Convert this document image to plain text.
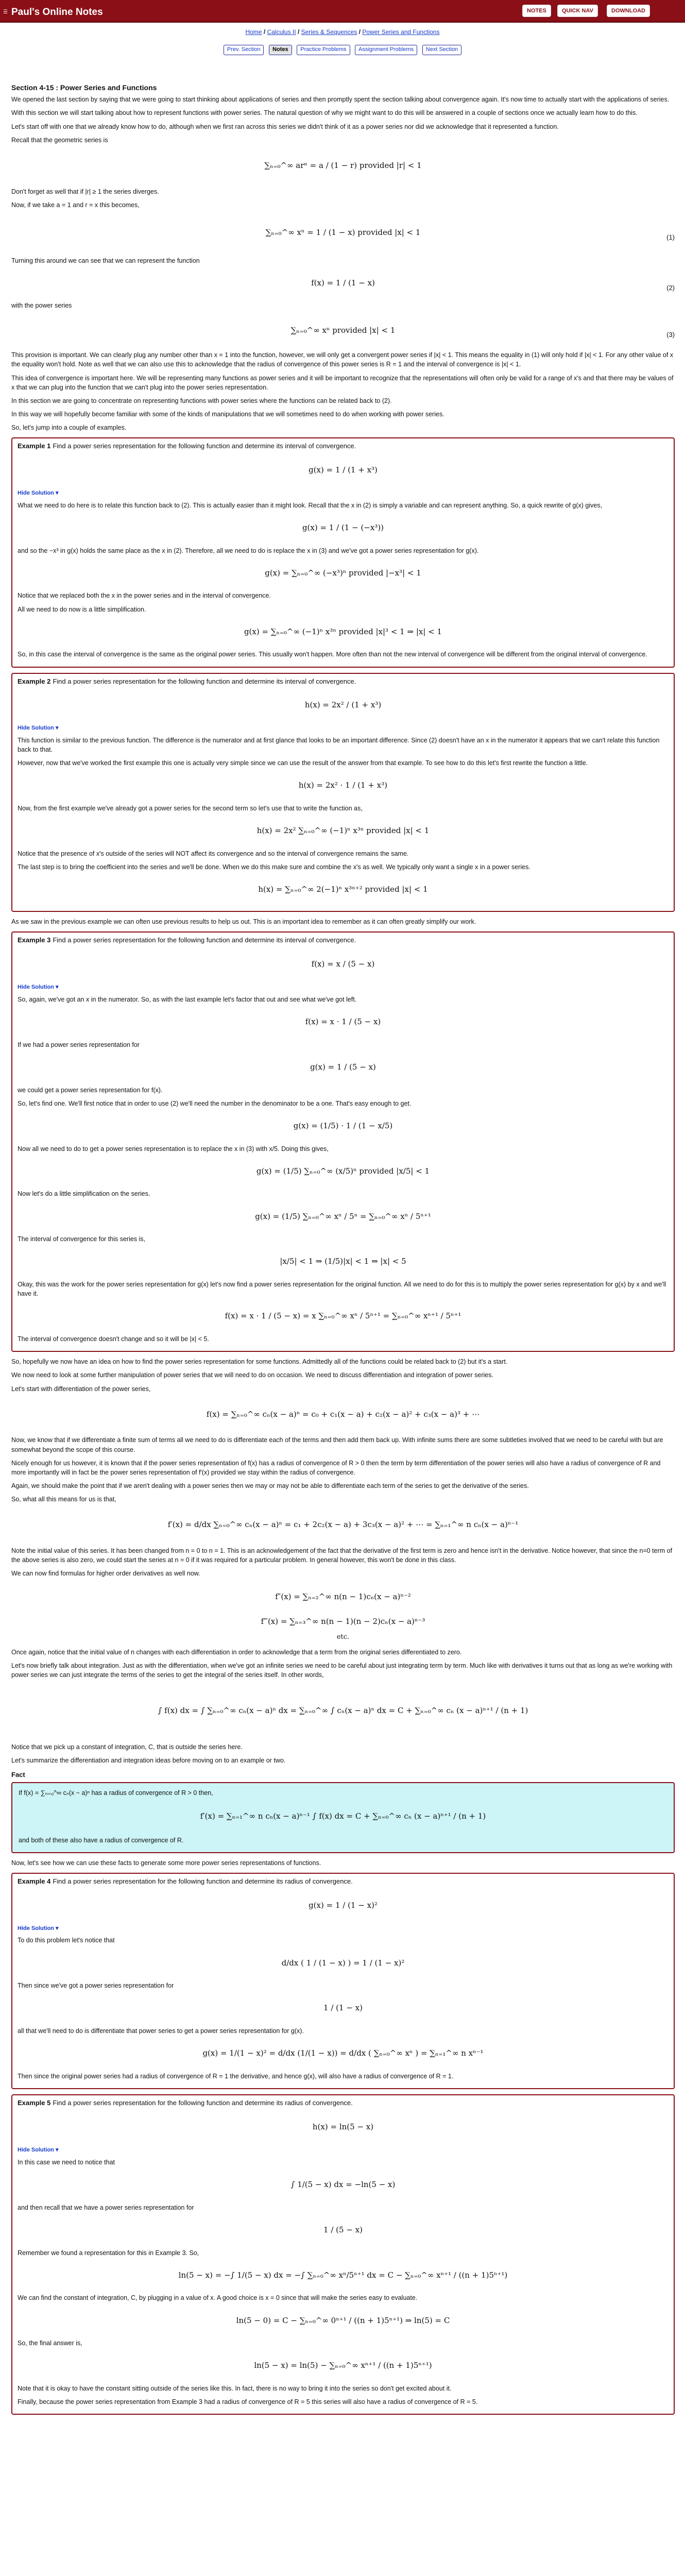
☰ Paul's Online Notes	NOTES	QUICK NAV	DOWNLOAD
Home / Calculus II / Series & Sequences / Power Series and Functions
Prev. Section Notes Practice Problems Assignment Problems Next Section
Section 4-15 : Power Series and Functions

We opened the last section by saying that we were going to start thinking about applications of series and then promptly spent the section talking about convergence again. It's now time to actually start with the applications of series.

With this section we will start talking about how to represent functions with power series. The natural question of why we might want to do this will be answered in a couple of sections once we actually learn how to do this.

Let's start off with one that we already know how to do, although when we first ran across this series we didn't think of it as a power series nor did we acknowledge that it represented a function.

Recall that the geometric series is

∑ₙ₌₀^∞ arⁿ = a / (1 − r) provided |r| < 1

Don't forget as well that if |r| ≥ 1 the series diverges.

Now, if we take a = 1 and r = x this becomes,

∑ₙ₌₀^∞ xⁿ = 1 / (1 − x) provided |x| < 1
(1)

Turning this around we can see that we can represent the function

f(x) = 1 / (1 − x)
(2)

with the power series

∑ₙ₌₀^∞ xⁿ provided |x| < 1
(3)

This provision is important. We can clearly plug any number other than x = 1 into the function, however, we will only get a convergent power series if |x| < 1. This means the equality in (1) will only hold if |x| < 1. For any other value of x the equality won't hold. Note as well that we can also use this to acknowledge that the radius of convergence of this power series is R = 1 and the interval of convergence is |x| < 1.

This idea of convergence is important here. We will be representing many functions as power series and it will be important to recognize that the representations will often only be valid for a range of x's and that there may be values of x that we can plug into the function that we can't plug into the power series representation.

In this section we are going to concentrate on representing functions with power series where the functions can be related back to (2).

In this way we will hopefully become familiar with some of the kinds of manipulations that we will sometimes need to do when working with power series.

So, let's jump into a couple of examples.

Example 1 Find a power series representation for the following function and determine its interval of convergence.
g(x) = 1 / (1 + x³)
Hide Solution ▾

What we need to do here is to relate this function back to (2). This is actually easier than it might look. Recall that the x in (2) is simply a variable and can represent anything. So, a quick rewrite of g(x) gives,

g(x) = 1 / (1 − (−x³))

and so the −x³ in g(x) holds the same place as the x in (2). Therefore, all we need to do is replace the x in (3) and we've got a power series representation for g(x).

g(x) = ∑ₙ₌₀^∞ (−x³)ⁿ provided |−x³| < 1

Notice that we replaced both the x in the power series and in the interval of convergence.

All we need to do now is a little simplification.

g(x) = ∑ₙ₌₀^∞ (−1)ⁿ x³ⁿ provided |x|³ < 1 ⇒ |x| < 1

So, in this case the interval of convergence is the same as the original power series. This usually won't happen. More often than not the new interval of convergence will be different from the original interval of convergence.

Example 2 Find a power series representation for the following function and determine its interval of convergence.
h(x) = 2x² / (1 + x³)
Hide Solution ▾

This function is similar to the previous function. The difference is the numerator and at first glance that looks to be an important difference. Since (2) doesn't have an x in the numerator it appears that we can't relate this function back to that.

However, now that we've worked the first example this one is actually very simple since we can use the result of the answer from that example. To see how to do this let's first rewrite the function a little.

h(x) = 2x² · 1 / (1 + x³)

Now, from the first example we've already got a power series for the second term so let's use that to write the function as,

h(x) = 2x² ∑ₙ₌₀^∞ (−1)ⁿ x³ⁿ provided |x| < 1

Notice that the presence of x's outside of the series will NOT affect its convergence and so the interval of convergence remains the same.

The last step is to bring the coefficient into the series and we'll be done. When we do this make sure and combine the x's as well. We typically only want a single x in a power series.

h(x) = ∑ₙ₌₀^∞ 2(−1)ⁿ x³ⁿ⁺² provided |x| < 1

As we saw in the previous example we can often use previous results to help us out. This is an important idea to remember as it can often greatly simplify our work.

Example 3 Find a power series representation for the following function and determine its interval of convergence.
f(x) = x / (5 − x)
Hide Solution ▾

So, again, we've got an x in the numerator. So, as with the last example let's factor that out and see what we've got left.

f(x) = x · 1 / (5 − x)

If we had a power series representation for

g(x) = 1 / (5 − x)

we could get a power series representation for f(x).

So, let's find one. We'll first notice that in order to use (2) we'll need the number in the denominator to be a one. That's easy enough to get.

g(x) = (1/5) · 1 / (1 − x/5)

Now all we need to do to get a power series representation is to replace the x in (3) with x/5. Doing this gives,

g(x) = (1/5) ∑ₙ₌₀^∞ (x/5)ⁿ provided |x/5| < 1

Now let's do a little simplification on the series.

g(x) = (1/5) ∑ₙ₌₀^∞ xⁿ / 5ⁿ = ∑ₙ₌₀^∞ xⁿ / 5ⁿ⁺¹

The interval of convergence for this series is,

|x/5| < 1 ⇒ (1/5)|x| < 1 ⇒ |x| < 5

Okay, this was the work for the power series representation for g(x) let's now find a power series representation for the original function. All we need to do for this is to multiply the power series representation for g(x) by x and we'll have it.

f(x) = x · 1 / (5 − x) = x ∑ₙ₌₀^∞ xⁿ / 5ⁿ⁺¹ = ∑ₙ₌₀^∞ xⁿ⁺¹ / 5ⁿ⁺¹

The interval of convergence doesn't change and so it will be |x| < 5.

So, hopefully we now have an idea on how to find the power series representation for some functions. Admittedly all of the functions could be related back to (2) but it's a start.

We now need to look at some further manipulation of power series that we will need to do on occasion. We need to discuss differentiation and integration of power series.

Let's start with differentiation of the power series,

f(x) = ∑ₙ₌₀^∞ cₙ(x − a)ⁿ = c₀ + c₁(x − a) + c₂(x − a)² + c₃(x − a)³ + ⋯

Now, we know that if we differentiate a finite sum of terms all we need to do is differentiate each of the terms and then add them back up. With infinite sums there are some subtleties involved that we need to be careful with but are somewhat beyond the scope of this course.

Nicely enough for us however, it is known that if the power series representation of f(x) has a radius of convergence of R > 0 then the term by term differentiation of the power series will also have a radius of convergence of R and more importantly will in fact be the power series representation of f′(x) provided we stay within the radius of convergence.

Again, we should make the point that if we aren't dealing with a power series then we may or may not be able to differentiate each term of the series to get the derivative of the series.

So, what all this means for us is that,

f′(x) = d/dx ∑ₙ₌₀^∞ cₙ(x − a)ⁿ = c₁ + 2c₂(x − a) + 3c₃(x − a)² + ⋯ = ∑ₙ₌₁^∞ n cₙ(x − a)ⁿ⁻¹

Note the initial value of this series. It has been changed from n = 0 to n = 1. This is an acknowledgement of the fact that the derivative of the first term is zero and hence isn't in the derivative. Notice however, that since the n=0 term of the above series is also zero, we could start the series at n = 0 if it was required for a particular problem. In general however, this won't be done in this class.

We can now find formulas for higher order derivatives as well now.

f″(x) = ∑ₙ₌₂^∞ n(n − 1)cₙ(x − a)ⁿ⁻²
f‴(x) = ∑ₙ₌₃^∞ n(n − 1)(n − 2)cₙ(x − a)ⁿ⁻³
etc.

Once again, notice that the initial value of n changes with each differentiation in order to acknowledge that a term from the original series differentiated to zero.

Let's now briefly talk about integration. Just as with the differentiation, when we've got an infinite series we need to be careful about just integrating term by term. Much like with derivatives it turns out that as long as we're working with power series we can just integrate the terms of the series to get the integral of the series itself. In other words,

∫ f(x) dx = ∫ ∑ₙ₌₀^∞ cₙ(x − a)ⁿ dx = ∑ₙ₌₀^∞ ∫ cₙ(x − a)ⁿ dx = C + ∑ₙ₌₀^∞ cₙ (x − a)ⁿ⁺¹ / (n + 1)

Notice that we pick up a constant of integration, C, that is outside the series here.

Let's summarize the differentiation and integration ideas before moving on to an example or two.

Fact

If f(x) = ∑ₙ₌₀^∞ cₙ(x − a)ⁿ has a radius of convergence of R > 0 then,

f′(x) = ∑ₙ₌₁^∞ n cₙ(x − a)ⁿ⁻¹ ∫ f(x) dx = C + ∑ₙ₌₀^∞ cₙ (x − a)ⁿ⁺¹ / (n + 1)

and both of these also have a radius of convergence of R.

Now, let's see how we can use these facts to generate some more power series representations of functions.

Example 4 Find a power series representation for the following function and determine its radius of convergence.
g(x) = 1 / (1 − x)²
Hide Solution ▾

To do this problem let's notice that

d/dx ( 1 / (1 − x) ) = 1 / (1 − x)²

Then since we've got a power series representation for

1 / (1 − x)

all that we'll need to do is differentiate that power series to get a power series representation for g(x).

g(x) = 1/(1 − x)² = d/dx (1/(1 − x)) = d/dx ( ∑ₙ₌₀^∞ xⁿ ) = ∑ₙ₌₁^∞ n xⁿ⁻¹

Then since the original power series had a radius of convergence of R = 1 the derivative, and hence g(x), will also have a radius of convergence of R = 1.

Example 5 Find a power series representation for the following function and determine its radius of convergence.
h(x) = ln(5 − x)
Hide Solution ▾

In this case we need to notice that

∫ 1/(5 − x) dx = −ln(5 − x)

and then recall that we have a power series representation for

1 / (5 − x)

Remember we found a representation for this in Example 3. So,

ln(5 − x) = −∫ 1/(5 − x) dx = −∫ ∑ₙ₌₀^∞ xⁿ/5ⁿ⁺¹ dx = C − ∑ₙ₌₀^∞ xⁿ⁺¹ / ((n + 1)5ⁿ⁺¹)

We can find the constant of integration, C, by plugging in a value of x. A good choice is x = 0 since that will make the series easy to evaluate.

ln(5 − 0) = C − ∑ₙ₌₀^∞ 0ⁿ⁺¹ / ((n + 1)5ⁿ⁺¹) ⇒ ln(5) = C

So, the final answer is,

ln(5 − x) = ln(5) − ∑ₙ₌₀^∞ xⁿ⁺¹ / ((n + 1)5ⁿ⁺¹)

Note that it is okay to have the constant sitting outside of the series like this. In fact, there is no way to bring it into the series so don't get excited about it.

Finally, because the power series representation from Example 3 had a radius of convergence of R = 5 this series will also have a radius of convergence of R = 5.
